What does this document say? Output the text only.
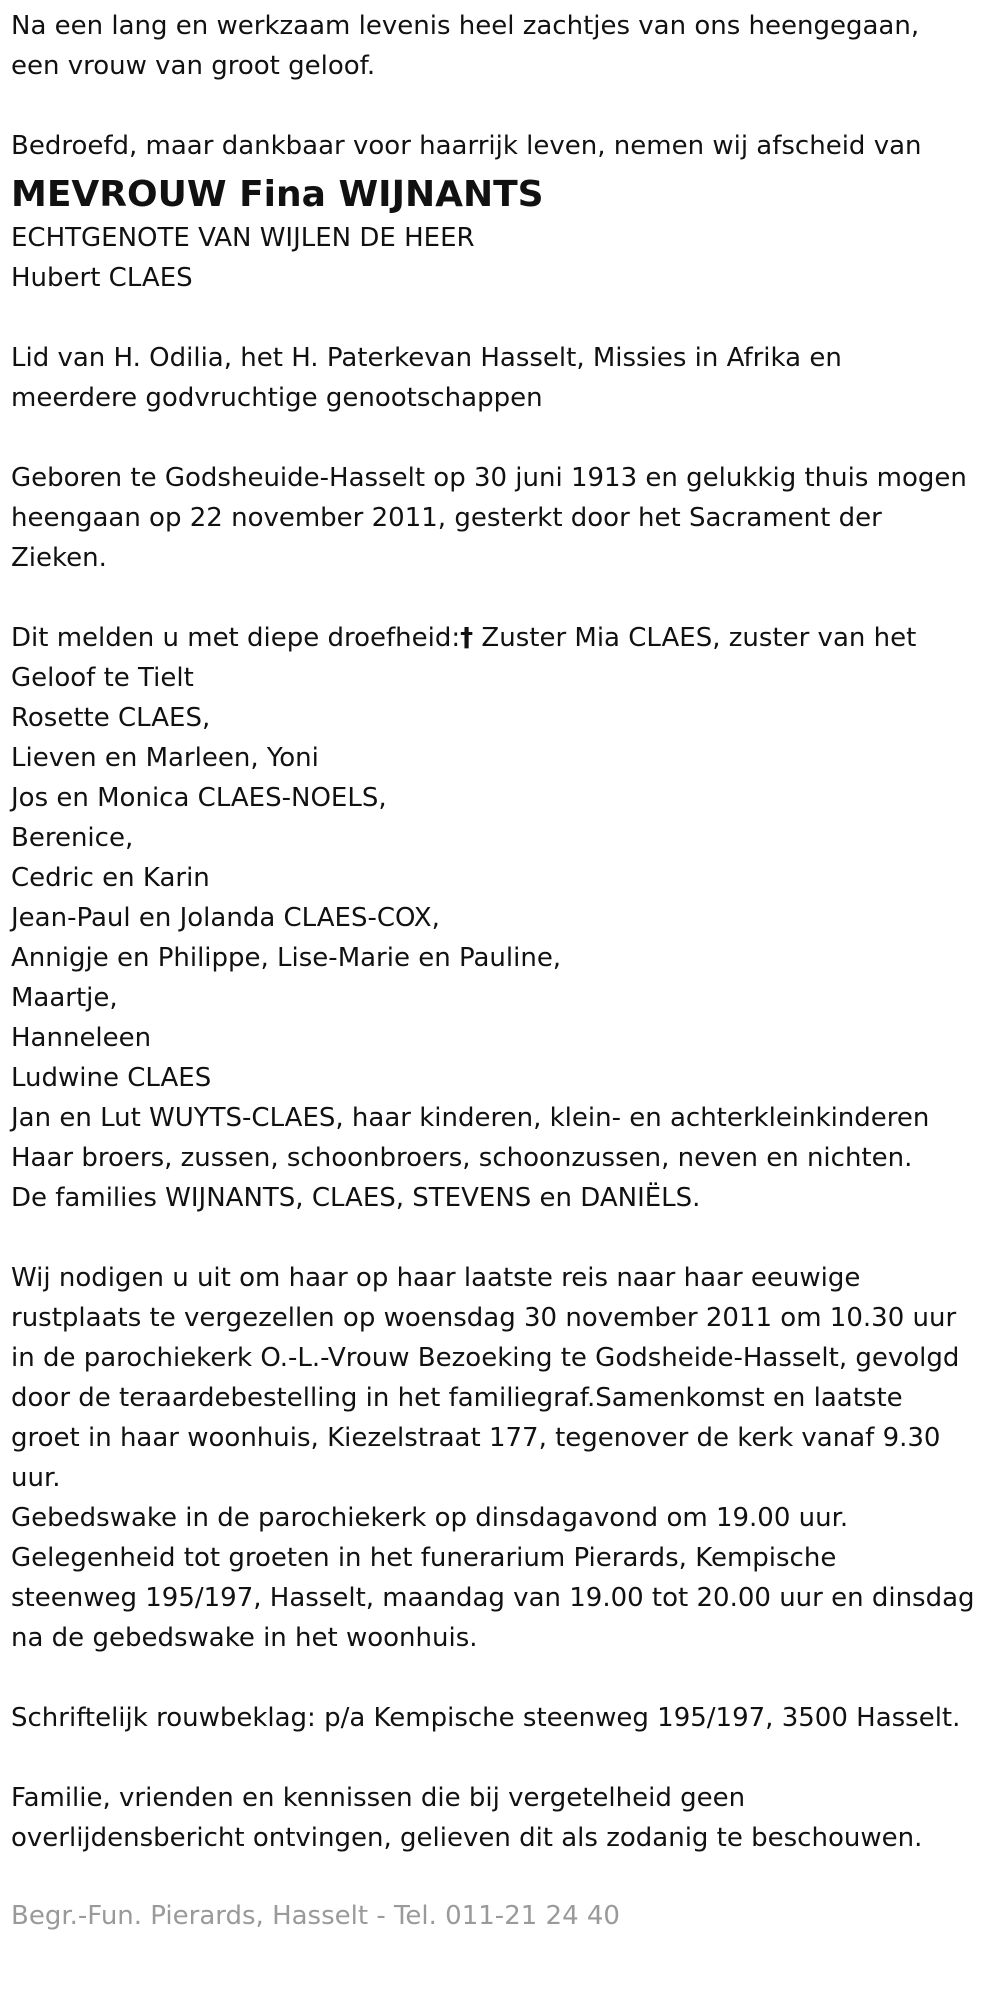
Na een lang en werkzaam levenis heel zachtjes van ons heengegaan,

een vrouw van groot geloof.

Bedroefd, maar dankbaar voor haarrijk leven, nemen wij afscheid van

MEVROUW Fina WIJNANTS

ECHTGENOTE VAN WIJLEN DE HEER

Hubert CLAES

Lid van H. Odilia, het H. Paterkevan Hasselt, Missies in Afrika en

meerdere godvruchtige genootschappen

Geboren te Godsheuide-Hasselt op 30 juni 1913 en gelukkig thuis mogen

heengaan op 22 november 2011, gesterkt door het Sacrament der

Zieken.

Dit melden u met diepe droefheid:† Zuster Mia CLAES, zuster van het

Geloof te Tielt

Rosette CLAES,

Lieven en Marleen, Yoni

Jos en Monica CLAES-NOELS,

Berenice,

Cedric en Karin

Jean-Paul en Jolanda CLAES-COX,

Annigje en Philippe, Lise-Marie en Pauline,

Maartje,

Hanneleen

Ludwine CLAES

Jan en Lut WUYTS-CLAES, haar kinderen, klein- en achterkleinkinderen

Haar broers, zussen, schoonbroers, schoonzussen, neven en nichten.

De families WIJNANTS, CLAES, STEVENS en DANIËLS.

Wij nodigen u uit om haar op haar laatste reis naar haar eeuwige

rustplaats te vergezellen op woensdag 30 november 2011 om 10.30 uur

in de parochiekerk O.-L.-Vrouw Bezoeking te Godsheide-Hasselt, gevolgd

door de teraardebestelling in het familiegraf.Samenkomst en laatste

groet in haar woonhuis, Kiezelstraat 177, tegenover de kerk vanaf 9.30

uur.

Gebedswake in de parochiekerk op dinsdagavond om 19.00 uur.

Gelegenheid tot groeten in het funerarium Pierards, Kempische

steenweg 195/197, Hasselt, maandag van 19.00 tot 20.00 uur en dinsdag

na de gebedswake in het woonhuis.

Schriftelijk rouwbeklag: p/a Kempische steenweg 195/197, 3500 Hasselt.

Familie, vrienden en kennissen die bij vergetelheid geen

overlijdensbericht ontvingen, gelieven dit als zodanig te beschouwen.

Begr.-Fun. Pierards, Hasselt - Tel. 011-21 24 40
